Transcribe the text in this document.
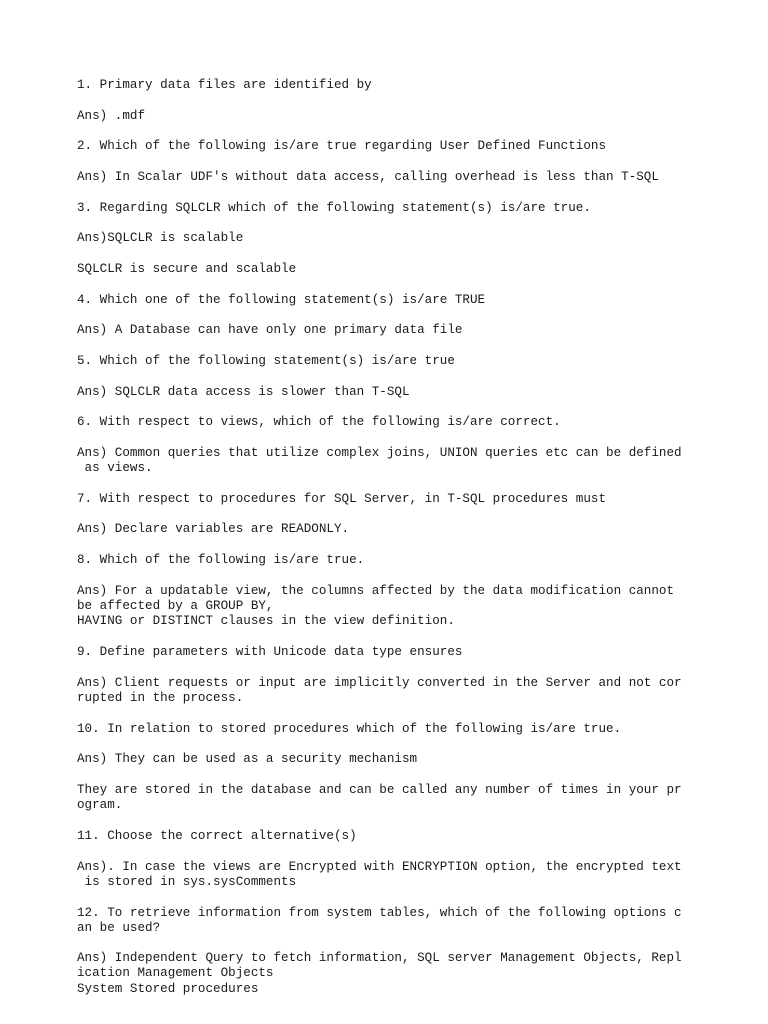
1. Primary data files are identified by
Ans) .mdf
2. Which of the following is/are true regarding User Defined Functions
Ans) In Scalar UDF's without data access, calling overhead is less than T-SQL
3. Regarding SQLCLR which of the following statement(s) is/are true.
Ans)SQLCLR is scalable
SQLCLR is secure and scalable
4. Which one of the following statement(s) is/are TRUE
Ans) A Database can have only one primary data file
5. Which of the following statement(s) is/are true
Ans) SQLCLR data access is slower than T-SQL
6. With respect to views, which of the following is/are correct.
Ans) Common queries that utilize complex joins, UNION queries etc can be defined
as views.
7. With respect to procedures for SQL Server, in T-SQL procedures must
Ans) Declare variables are READONLY.
8. Which of the following is/are true.
Ans) For a updatable view, the columns affected by the data modification cannot
be affected by a GROUP BY,
HAVING or DISTINCT clauses in the view definition.
9. Define parameters with Unicode data type ensures
Ans) Client requests or input are implicitly converted in the Server and not cor
rupted in the process.
10. In relation to stored procedures which of the following is/are true.
Ans) They can be used as a security mechanism
They are stored in the database and can be called any number of times in your pr
ogram.
11. Choose the correct alternative(s)
Ans). In case the views are Encrypted with ENCRYPTION option, the encrypted text
is stored in sys.sysComments
12. To retrieve information from system tables, which of the following options c
an be used?
Ans) Independent Query to fetch information, SQL server Management Objects, Repl
ication Management Objects
System Stored procedures
